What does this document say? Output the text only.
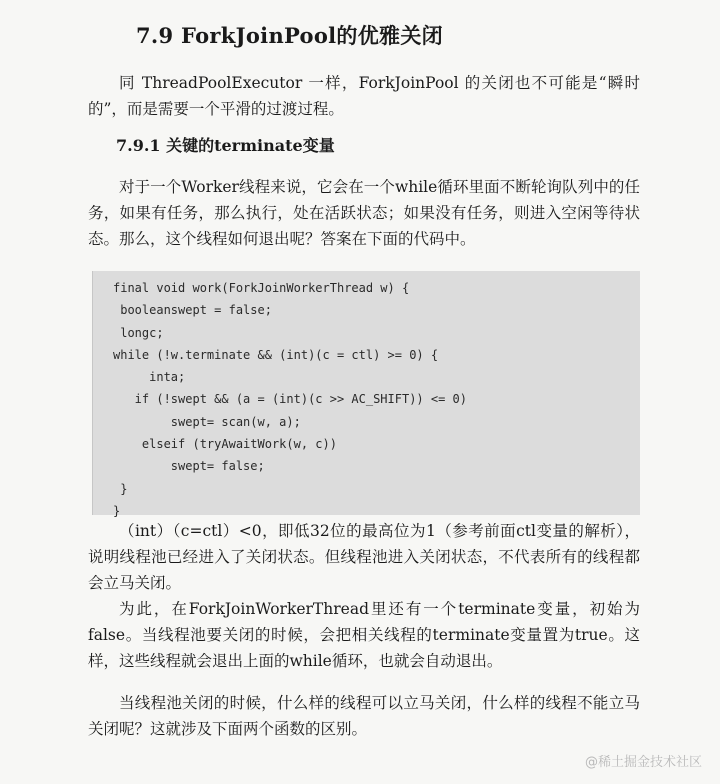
7.9 ForkJoinPool的优雅关闭

同 ThreadPoolExecutor 一样，ForkJoinPool 的关闭也不可能是“瞬时的”，而是需要一个平滑的过渡过程。

7.9.1 关键的terminate变量

对于一个Worker线程来说，它会在一个while循环里面不断轮询队列中的任务，如果有任务，那么执行，处在活跃状态；如果没有任务，则进入空闲等待状态。那么，这个线程如何退出呢？答案在下面的代码中。

final void work(ForkJoinWorkerThread w) {
booleanswept = false;
longc;
while (!w.terminate && (int)(c = ctl) >= 0) {
inta;
if (!swept && (a = (int)(c >> AC_SHIFT)) <= 0)
swept= scan(w, a);
elseif (tryAwaitWork(w, c))
swept= false;
}
}

（int）（c=ctl）<0，即低32位的最高位为1（参考前面ctl变量的解析），说明线程池已经进入了关闭状态。但线程池进入关闭状态，不代表所有的线程都会立马关闭。

为此，在ForkJoinWorkerThread里还有一个terminate变量，初始为false。当线程池要关闭的时候，会把相关线程的terminate变量置为true。这样，这些线程就会退出上面的while循环，也就会自动退出。

当线程池关闭的时候，什么样的线程可以立马关闭，什么样的线程不能立马关闭呢？这就涉及下面两个函数的区别。

@稀土掘金技术社区
